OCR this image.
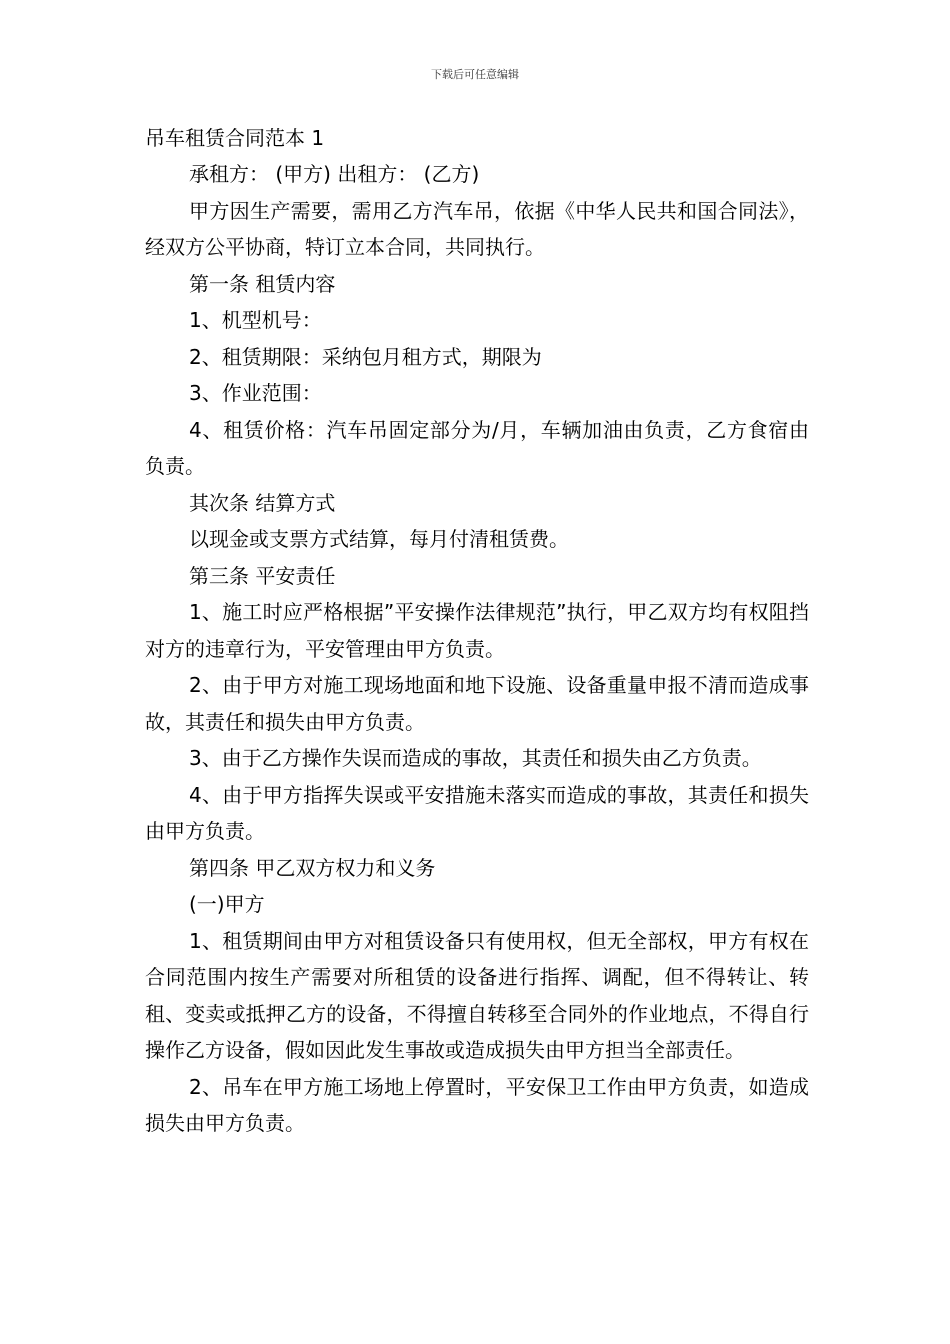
下载后可任意编辑

吊车租赁合同范本 1

承租方： (甲方) 出租方： (乙方)

甲方因生产需要，需用乙方汽车吊，依据《中华人民共和国合同法》，经双方公平协商，特订立本合同，共同执行。

第一条 租赁内容

1、机型机号：

2、租赁期限：采纳包月租方式，期限为

3、作业范围：

4、租赁价格：汽车吊固定部分为/月，车辆加油由负责，乙方食宿由 负责。

其次条 结算方式

以现金或支票方式结算，每月付清租赁费。

第三条 平安责任

1、施工时应严格根据”平安操作法律规范”执行，甲乙双方均有权阻挡对方的违章行为，平安管理由甲方负责。

2、由于甲方对施工现场地面和地下设施、设备重量申报不清而造成事故，其责任和损失由甲方负责。

3、由于乙方操作失误而造成的事故，其责任和损失由乙方负责。

4、由于甲方指挥失误或平安措施未落实而造成的事故，其责任和损失由甲方负责。

第四条 甲乙双方权力和义务

(一)甲方

1、租赁期间由甲方对租赁设备只有使用权，但无全部权，甲方有权在合同范围内按生产需要对所租赁的设备进行指挥、调配，但不得转让、转租、变卖或抵押乙方的设备，不得擅自转移至合同外的作业地点，不得自行操作乙方设备，假如因此发生事故或造成损失由甲方担当全部责任。

2、吊车在甲方施工场地上停置时，平安保卫工作由甲方负责，如造成损失由甲方负责。
